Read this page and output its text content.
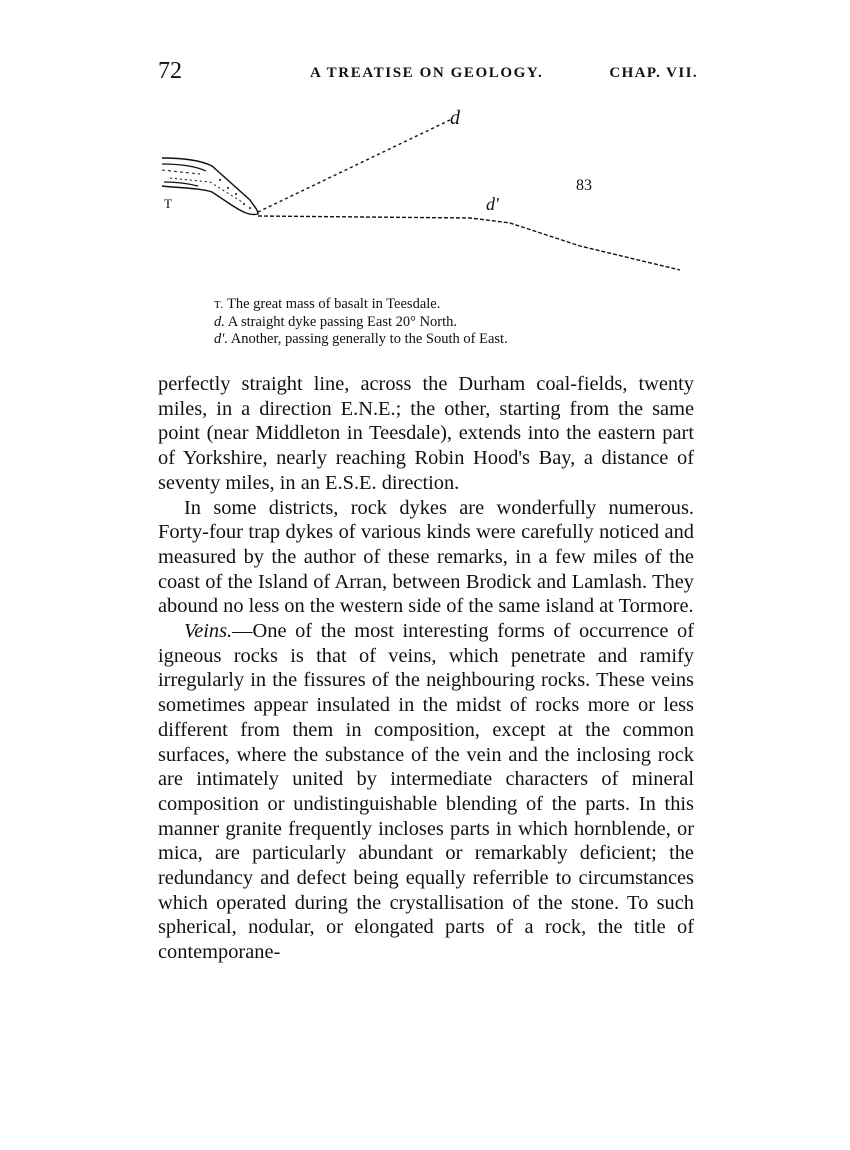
72	A TREATISE ON GEOLOGY.	CHAP. VII.
T
d
d'
83
T. The great mass of basalt in Teesdale.
d. A straight dyke passing East 20° North.
d'. Another, passing generally to the South of East.

perfectly straight line, across the Durham coal-fields, twenty miles, in a direction E.N.E.; the other, starting from the same point (near Middleton in Teesdale), extends into the eastern part of Yorkshire, nearly reaching Robin Hood's Bay, a distance of seventy miles, in an E.S.E. direction.

In some districts, rock dykes are wonderfully numerous. Forty-four trap dykes of various kinds were carefully noticed and measured by the author of these remarks, in a few miles of the coast of the Island of Arran, between Brodick and Lamlash. They abound no less on the western side of the same island at Tormore.

Veins.—One of the most interesting forms of occurrence of igneous rocks is that of veins, which penetrate and ramify irregularly in the fissures of the neighbouring rocks. These veins sometimes appear insulated in the midst of rocks more or less different from them in composition, except at the common surfaces, where the substance of the vein and the inclosing rock are intimately united by intermediate characters of mineral composition or undistinguishable blending of the parts. In this manner granite frequently incloses parts in which hornblende, or mica, are particularly abundant or remarkably deficient; the redundancy and defect being equally referrible to circumstances which operated during the crystallisation of the stone. To such spherical, nodular, or elongated parts of a rock, the title of contemporane-
